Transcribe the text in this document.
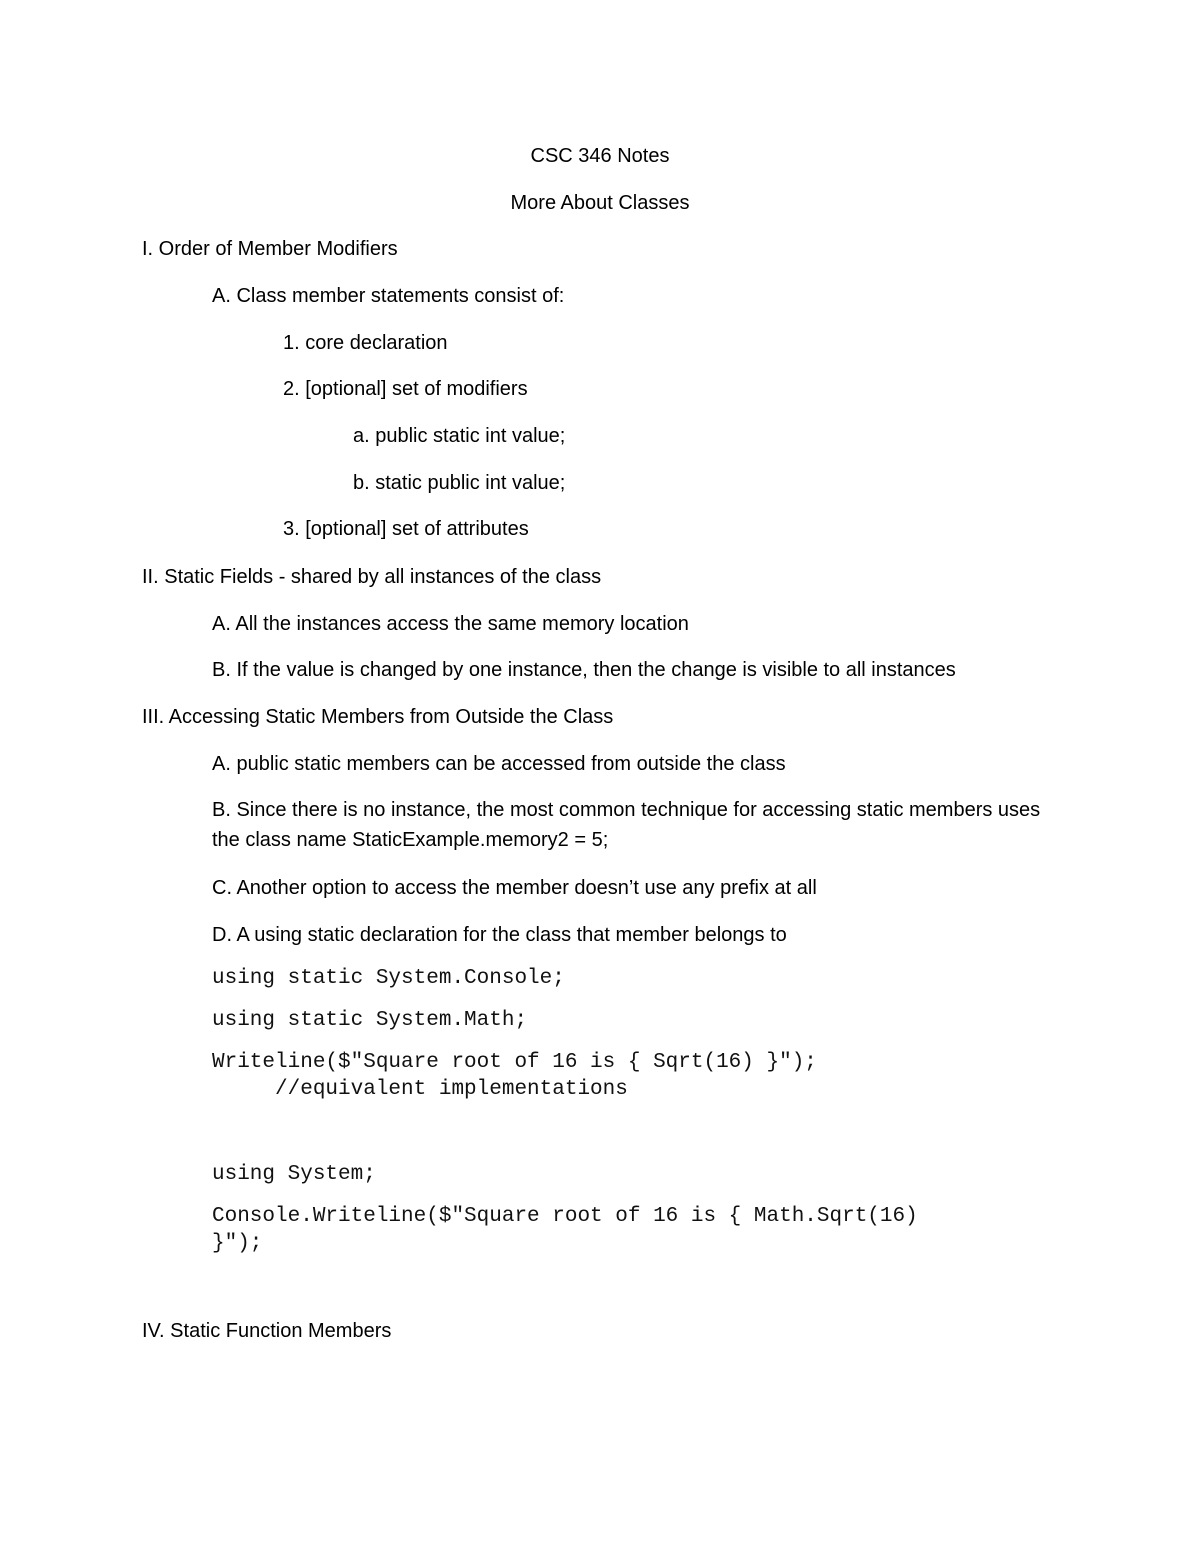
CSC 346 Notes
More About Classes
I. Order of Member Modifiers
A. Class member statements consist of:
1. core declaration
2. [optional] set of modifiers
a. public static int value;
b. static public int value;
3. [optional] set of attributes
II. Static Fields - shared by all instances of the class
A. All the instances access the same memory location
B. If the value is changed by one instance, then the change is visible to all instances
III. Accessing Static Members from Outside the Class
A. public static members can be accessed from outside the class
B. Since there is no instance, the most common technique for accessing static members uses the class name StaticExample.memory2 = 5;
C. Another option to access the member doesn’t use any prefix at all
D. A using static declaration for the class that member belongs to
using static System.Console;
using static System.Math;
Writeline($"Square root of 16 is { Sqrt(16) }");
//equivalent implementations
using System;
Console.Writeline($"Square root of 16 is { Math.Sqrt(16)
}");
IV. Static Function Members
